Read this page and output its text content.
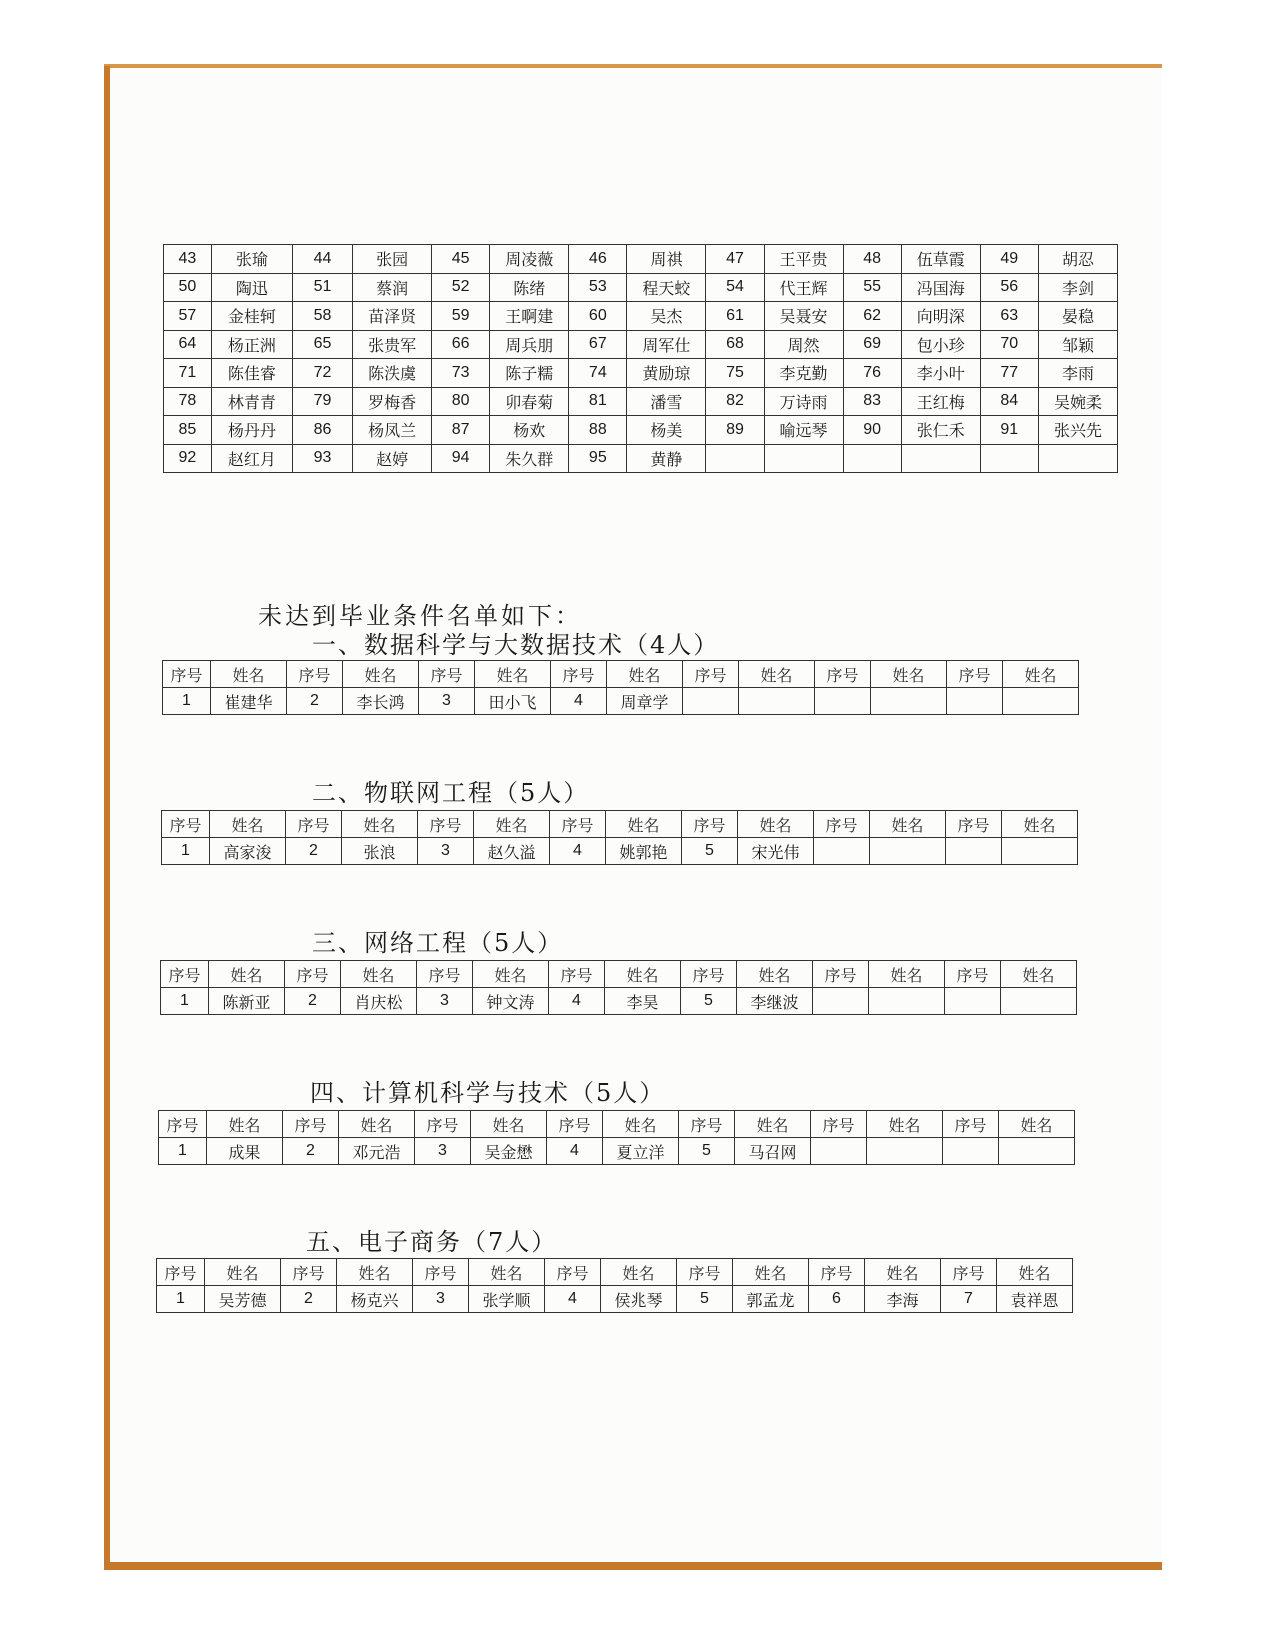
43	张瑜	44	张园	45	周凌薇	46	周祺	47	王平贵	48	伍草霞	49	胡忍
50	陶迅	51	蔡润	52	陈绪	53	程天蛟	54	代王辉	55	冯国海	56	李剑
57	金桂轲	58	苗泽贤	59	王啊建	60	吴杰	61	吴聂安	62	向明深	63	晏稳
64	杨正洲	65	张贵军	66	周兵朋	67	周军仕	68	周然	69	包小珍	70	邹颖
71	陈佳睿	72	陈泆虞	73	陈子糯	74	黄励琼	75	李克勤	76	李小叶	77	李雨
78	林青青	79	罗梅香	80	卯春菊	81	潘雪	82	万诗雨	83	王红梅	84	吴婉柔
85	杨丹丹	86	杨凤兰	87	杨欢	88	杨美	89	喻远琴	90	张仁禾	91	张兴先
92	赵红月	93	赵婷	94	朱久群	95	黄静						
未达到毕业条件名单如下：
一、数据科学与大数据技术（4人）
序号	姓名	序号	姓名	序号	姓名	序号	姓名	序号	姓名	序号	姓名	序号	姓名
1	崔建华	2	李长鸿	3	田小飞	4	周章学						
二、物联网工程（5人）
序号	姓名	序号	姓名	序号	姓名	序号	姓名	序号	姓名	序号	姓名	序号	姓名
1	高家浚	2	张浪	3	赵久溢	4	姚郭艳	5	宋光伟				
三、网络工程（5人）
序号	姓名	序号	姓名	序号	姓名	序号	姓名	序号	姓名	序号	姓名	序号	姓名
1	陈新亚	2	肖庆松	3	钟文涛	4	李昊	5	李继波				
四、计算机科学与技术（5人）
序号	姓名	序号	姓名	序号	姓名	序号	姓名	序号	姓名	序号	姓名	序号	姓名
1	成果	2	邓元浩	3	吴金懋	4	夏立洋	5	马召网				
五、电子商务（7人）
序号	姓名	序号	姓名	序号	姓名	序号	姓名	序号	姓名	序号	姓名	序号	姓名
1	吴芳德	2	杨克兴	3	张学顺	4	侯兆琴	5	郭孟龙	6	李海	7	袁祥恩
